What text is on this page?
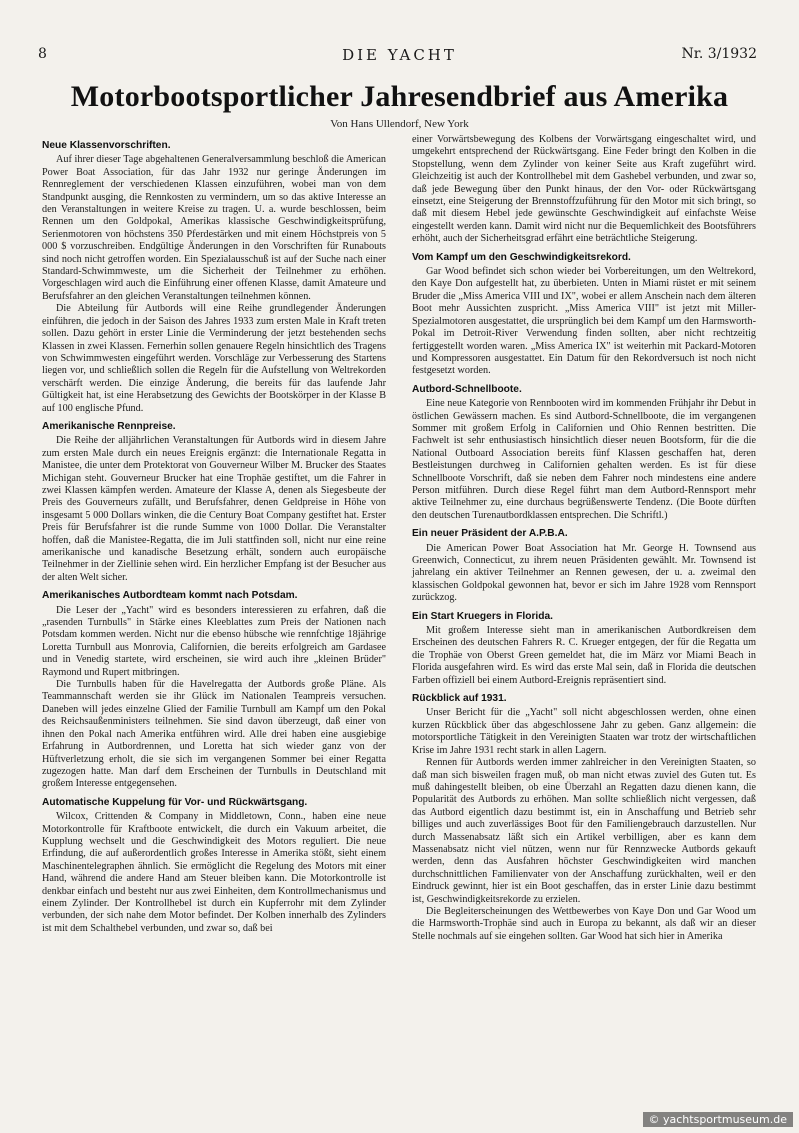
8	DIE YACHT	Nr. 3/1932
Motorbootsportlicher Jahresendbrief aus Amerika
Von Hans Ullendorf, New York
Neue Klassenvorschriften.

Auf ihrer dieser Tage abgehaltenen Generalversammlung beschloß die American Power Boat Association, für das Jahr 1932 nur geringe Änderungen im Rennreglement der verschiedenen Klassen einzuführen, wobei man von dem Standpunkt ausging, die Rennkosten zu vermindern, um so das aktive Interesse an den Veranstaltungen in weitere Kreise zu tragen. U. a. wurde beschlossen, beim Rennen um den Goldpokal, Amerikas klassische Geschwindigkeitsprüfung, Serienmotoren von höchstens 350 Pferdestärken und mit einem Höchstpreis von 5 000 $ vorzuschreiben. Endgültige Änderungen in den Vorschriften für Runabouts sind noch nicht getroffen worden. Ein Spezialausschuß ist auf der Suche nach einer Standard-Schwimmweste, um die Sicherheit der Teilnehmer zu erhöhen. Vorgeschlagen wird auch die Einführung einer offenen Klasse, damit Amateure und Berufsfahrer an den gleichen Veranstaltungen teilnehmen können.

Die Abteilung für Autbords will eine Reihe grundlegender Änderungen einführen, die jedoch in der Saison des Jahres 1933 zum ersten Male in Kraft treten sollen. Dazu gehört in erster Linie die Verminderung der jetzt bestehenden sechs Klassen in zwei Klassen. Fernerhin sollen genauere Regeln hinsichtlich des Tragens von Schwimmwesten eingeführt werden. Vorschläge zur Verbesserung des Startens liegen vor, und schließlich sollen die Regeln für die Aufstellung von Weltrekorden verschärft werden. Die einzige Änderung, die bereits für das laufende Jahr Gültigkeit hat, ist eine Herabsetzung des Gewichts der Bootskörper in der Klasse B auf 100 englische Pfund.

Amerikanische Rennpreise.

Die Reihe der alljährlichen Veranstaltungen für Autbords wird in diesem Jahre zum ersten Male durch ein neues Ereignis ergänzt: die Internationale Regatta in Manistee, die unter dem Protektorat von Gouverneur Wilber M. Brucker des Staates Michigan steht. Gouverneur Brucker hat eine Trophäe gestiftet, um die Fahrer in zwei Klassen kämpfen werden. Amateure der Klasse A, denen als Siegesbeute der Preis des Gouverneurs zufällt, und Berufsfahrer, denen Geldpreise in Höhe von insgesamt 5 000 Dollars winken, die die Century Boat Company gestiftet hat. Erster Preis für Berufsfahrer ist die runde Summe von 1000 Dollar. Die Veranstalter hoffen, daß die Manistee-Regatta, die im Juli stattfinden soll, nicht nur eine reine amerikanische und kanadische Besetzung erhält, sondern auch europäische Teilnehmer in der Ziellinie sehen wird. Ein herzlicher Empfang ist der Besucher aus der alten Welt sicher.

Amerikanisches Autbordteam kommt nach Potsdam.

Die Leser der „Yacht" wird es besonders interessieren zu erfahren, daß die „rasenden Turnbulls" in Stärke eines Kleeblattes zum Preis der Nationen nach Potsdam kommen werden. Nicht nur die ebenso hübsche wie rennfchtige 18jährige Loretta Turnbull aus Monrovia, Californien, die bereits erfolgreich am Gardasee und in Venedig startete, wird erscheinen, sie wird auch ihre „kleinen Brüder" Raymond und Rupert mitbringen.

Die Turnbulls haben für die Havelregatta der Autbords große Pläne. Als Teammannschaft werden sie ihr Glück im Nationalen Teampreis versuchen. Daneben will jedes einzelne Glied der Familie Turnbull am Kampf um den Pokal des Reichsaußenministers teilnehmen. Sie sind davon überzeugt, daß einer von ihnen den Pokal nach Amerika entführen wird. Alle drei haben eine ausgiebige Erfahrung in Autbordrennen, und Loretta hat sich wieder ganz von der Hüftverletzung erholt, die sie sich im vergangenen Sommer bei einer Regatta zugezogen hatte. Man darf dem Erscheinen der Turnbulls in Deutschland mit großem Interesse entgegensehen.

Automatische Kuppelung für Vor- und Rückwärtsgang.

Wilcox, Crittenden & Company in Middletown, Conn., haben eine neue Motorkontrolle für Kraftboote entwickelt, die durch ein Vakuum arbeitet, die Kupplung wechselt und die Geschwindigkeit des Motors reguliert. Die neue Erfindung, die auf außerordentlich großes Interesse in Amerika stößt, sieht einem Maschinentelegraphen ähnlich. Sie ermöglicht die Regelung des Motors mit einer Hand, während die andere Hand am Steuer bleiben kann. Die Motorkontrolle ist denkbar einfach und besteht nur aus zwei Einheiten, dem Kontrollmechanismus und einem Zylinder. Der Kontrollhebel ist durch ein Kupferrohr mit dem Zylinder verbunden, der sich nahe dem Motor befindet. Der Kolben innerhalb des Zylinders ist mit dem Schalthebel verbunden, und zwar so, daß bei

einer Vorwärtsbewegung des Kolbens der Vorwärtsgang eingeschaltet wird, und umgekehrt entsprechend der Rückwärtsgang. Eine Feder bringt den Kolben in die Stopstellung, wenn dem Zylinder von keiner Seite aus Kraft zugeführt wird. Gleichzeitig ist auch der Kontrollhebel mit dem Gashebel verbunden, und zwar so, daß jede Bewegung über den Punkt hinaus, der den Vor- oder Rückwärtsgang einsetzt, eine Steigerung der Brennstoffzuführung für den Motor mit sich bringt, so daß mit diesem Hebel jede gewünschte Geschwindigkeit auf einfachste Weise eingestellt werden kann. Damit wird nicht nur die Bequemlichkeit des Bootsführers erhöht, auch der Sicherheitsgrad erfährt eine beträchtliche Steigerung.

Vom Kampf um den Geschwindigkeitsrekord.

Gar Wood befindet sich schon wieder bei Vorbereitungen, um den Weltrekord, den Kaye Don aufgestellt hat, zu überbieten. Unten in Miami rüstet er mit seinem Bruder die „Miss America VIII und IX", wobei er allem Anschein nach dem älteren Boot mehr Aussichten zuspricht. „Miss America VIII" ist jetzt mit Miller-Spezialmotoren ausgestattet, die ursprünglich bei dem Kampf um den Harmsworth-Pokal im Detroit-River Verwendung finden sollten, aber nicht rechtzeitig fertiggestellt worden waren. „Miss America IX" ist weiterhin mit Packard-Motoren und Kompressoren ausgestattet. Ein Datum für den Rekordversuch ist noch nicht festgesetzt worden.

Autbord-Schnellboote.

Eine neue Kategorie von Rennbooten wird im kommenden Frühjahr ihr Debut in östlichen Gewässern machen. Es sind Autbord-Schnellboote, die im vergangenen Sommer mit großem Erfolg in Californien und Ohio Rennen bestritten. Die Fachwelt ist sehr enthusiastisch hinsichtlich dieser neuen Bootsform, für die die National Outboard Association bereits fünf Klassen geschaffen hat, deren Bestleistungen durchweg in Californien gehalten werden. Es ist für diese Schnellboote Vorschrift, daß sie neben dem Fahrer noch mindestens eine andere Person mitführen. Durch diese Regel führt man dem Autbord-Rennsport mehr aktive Teilnehmer zu, eine durchaus begrüßenswerte Tendenz. (Die Boote dürften den deutschen Turenautbordklassen entsprechen. Die Schriftl.)

Ein neuer Präsident der A.P.B.A.

Die American Power Boat Association hat Mr. George H. Townsend aus Greenwich, Connecticut, zu ihrem neuen Präsidenten gewählt. Mr. Townsend ist jahrelang ein aktiver Teilnehmer an Rennen gewesen, der u. a. zweimal den klassischen Goldpokal gewonnen hat, bevor er sich im Jahre 1928 vom Rennsport zurückzog.

Ein Start Kruegers in Florida.

Mit großem Interesse sieht man in amerikanischen Autbordkreisen dem Erscheinen des deutschen Fahrers R. C. Krueger entgegen, der für die Regatta um die Trophäe von Oberst Green gemeldet hat, die im März vor Miami Beach in Florida ausgefahren wird. Es wird das erste Mal sein, daß in Florida die deutschen Farben offiziell bei einem Autbord-Ereignis repräsentiert sind.

Rückblick auf 1931.

Unser Bericht für die „Yacht" soll nicht abgeschlossen werden, ohne einen kurzen Rückblick über das abgeschlossene Jahr zu geben. Ganz allgemein: die motorsportliche Tätigkeit in den Vereinigten Staaten war trotz der wirtschaftlichen Krise im Jahre 1931 recht stark in allen Lagern.

Rennen für Autbords werden immer zahlreicher in den Vereinigten Staaten, so daß man sich bisweilen fragen muß, ob man nicht etwas zuviel des Guten tut. Es muß dahingestellt bleiben, ob eine Überzahl an Regatten dazu dienen kann, die Popularität des Autbords zu erhöhen. Man sollte schließlich nicht vergessen, daß das Autbord eigentlich dazu bestimmt ist, ein in Anschaffung und Betrieb sehr billiges und auch zuverlässiges Boot für den Familiengebrauch darzustellen. Nur durch Massenabsatz läßt sich ein Artikel verbilligen, aber es kann dem Massenabsatz nicht viel nützen, wenn nur für Rennzwecke Autbords gekauft werden, denn das Ausfahren höchster Geschwindigkeiten wird manchen durchschnittlichen Familienvater von der Anschaffung zurückhalten, weil er den Eindruck gewinnt, hier ist ein Boot geschaffen, das in erster Linie dazu bestimmt ist, Geschwindigkeitsrekorde zu erzielen.

Die Begleiterscheinungen des Wettbewerbes von Kaye Don und Gar Wood um die Harmsworth-Trophäe sind auch in Europa zu bekannt, als daß wir an dieser Stelle nochmals auf sie eingehen sollten. Gar Wood hat sich hier in Amerika

© yachtsportmuseum.de
